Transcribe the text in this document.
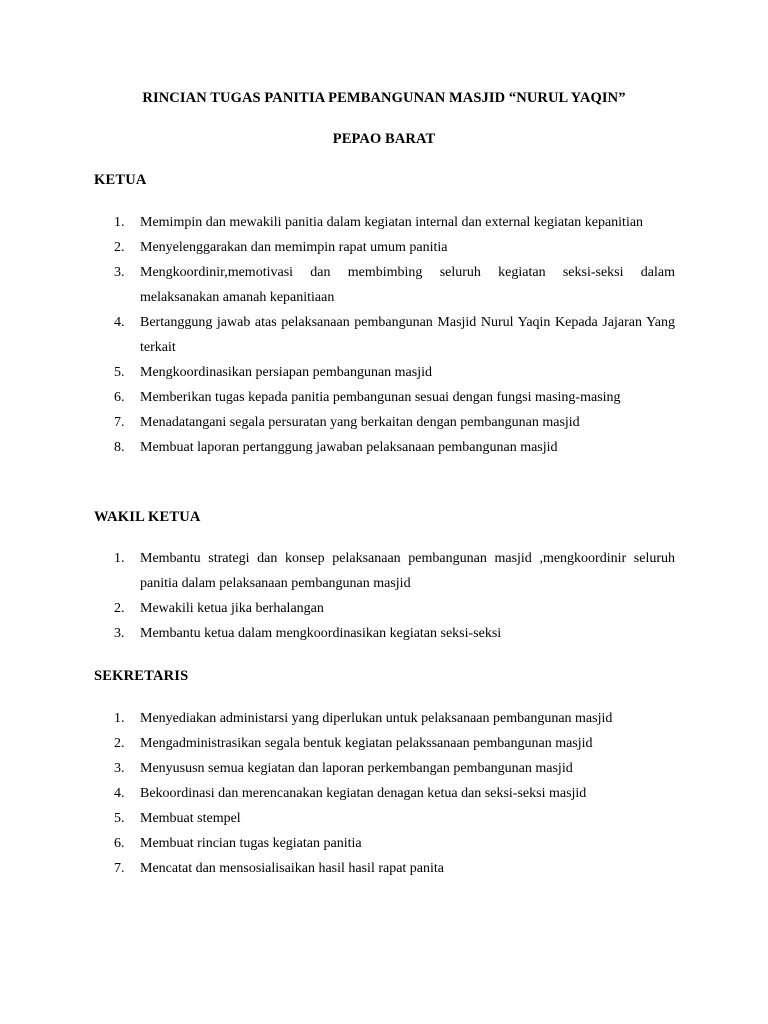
RINCIAN TUGAS PANITIA PEMBANGUNAN MASJID “NURUL YAQIN”
PEPAO BARAT
KETUA
1. Memimpin dan mewakili panitia dalam kegiatan internal dan external kegiatan kepanitian
2. Menyelenggarakan dan memimpin rapat umum panitia
3. Mengkoordinir,memotivasi dan membimbing seluruh kegiatan seksi-seksi dalam melaksanakan amanah kepanitiaan
4. Bertanggung jawab atas pelaksanaan pembangunan Masjid Nurul Yaqin Kepada Jajaran Yang terkait
5. Mengkoordinasikan persiapan pembangunan masjid
6. Memberikan tugas kepada panitia pembangunan sesuai dengan fungsi masing-masing
7. Menadatangani segala persuratan yang berkaitan dengan pembangunan masjid
8. Membuat laporan pertanggung jawaban pelaksanaan pembangunan masjid
WAKIL KETUA
1. Membantu strategi dan konsep pelaksanaan pembangunan masjid ,mengkoordinir seluruh panitia dalam pelaksanaan pembangunan masjid
2. Mewakili ketua jika berhalangan
3. Membantu ketua dalam mengkoordinasikan kegiatan seksi-seksi
SEKRETARIS
1. Menyediakan administarsi yang diperlukan untuk pelaksanaan pembangunan masjid
2. Mengadministrasikan segala bentuk kegiatan pelakssanaan pembangunan masjid
3. Menyususn semua kegiatan dan laporan perkembangan pembangunan masjid
4. Bekoordinasi dan merencanakan kegiatan denagan ketua dan seksi-seksi masjid
5. Membuat stempel
6. Membuat rincian tugas kegiatan panitia
7. Mencatat dan mensosialisaikan hasil hasil rapat panita
